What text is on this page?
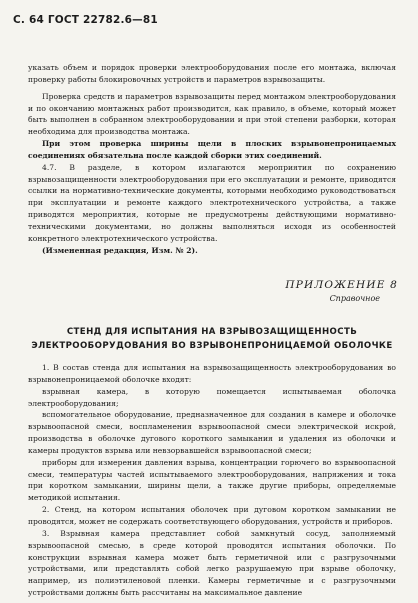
С. 64 ГОСТ 22782.6—81

указать объем и порядок проверки электрооборудования после его монтажа, включая проверку работы блокировочных устройств и параметров взрывозащиты.

Проверка средств и параметров взрывозащиты перед монтажом электрооборудования и по окончанию монтажных работ производится, как правило, в объеме, который может быть выполнен в собранном электрооборудовании и при этой степени разборки, которая необходима для производства монтажа.

При этом проверка ширины щели в плоских взрывонепроницаемых соединениях обязательна после каждой сборки этих соединений.

4.7. В разделе, в котором излагаются мероприятия по сохранению взрывозащищенности электрооборудования при его эксплуатации и ремонте, приводятся ссылки на нормативно-технические документы, которыми необходимо руководствоваться при эксплуатации и ремонте каждого электротехнического устройства, а также приводятся мероприятия, которые не предусмотрены действующими нормативно-техническими документами, но должны выполняться исходя из особенностей конкретного электротехнического устройства.

(Измененная редакция, Изм. № 2).

ПРИЛОЖЕНИЕ 8
Справочное
СТЕНД ДЛЯ ИСПЫТАНИЯ НА ВЗРЫВОЗАЩИЩЕННОСТЬ
ЭЛЕКТРООБОРУДОВАНИЯ ВО ВЗРЫВОНЕПРОНИЦАЕМОЙ ОБОЛОЧКЕ

1. В состав стенда для испытания на взрывозащищенность электрооборудования во взрывонепроницаемой оболочке входят:

взрывная камера, в которую помещается испытываемая оболочка электрооборудования;

вспомогательное оборудование, предназначенное для создания в камере и оболочке взрывоопасной смеси, воспламенения взрывоопасной смеси электрической искрой, производства в оболочке дугового короткого замыкания и удаления из оболочки и камеры продуктов взрыва или невзорвавшейся взрывоопасной смеси;

приборы для измерения давления взрыва, концентрации горючего во взрывоопасной смеси, температуры частей испытываемого электрооборудования, напряжения и тока при коротком замыкании, ширины щели, а также другие приборы, определяемые методикой испытания.

2. Стенд, на котором испытания оболочек при дуговом коротком замыкании не проводятся, может не содержать соответствующего оборудования, устройств и приборов.

3. Взрывная камера представляет собой замкнутый сосуд, заполняемый взрывоопасной смесью, в среде которой проводятся испытания оболочки. По конструкции взрывная камера может быть герметичной или с разгрузочными устройствами, или представлять собой легко разрушаемую при взрыве оболочку, например, из полиэтиленовой пленки. Камеры герметичные и с разгрузочными устройствами должны быть рассчитаны на максимальное давление
